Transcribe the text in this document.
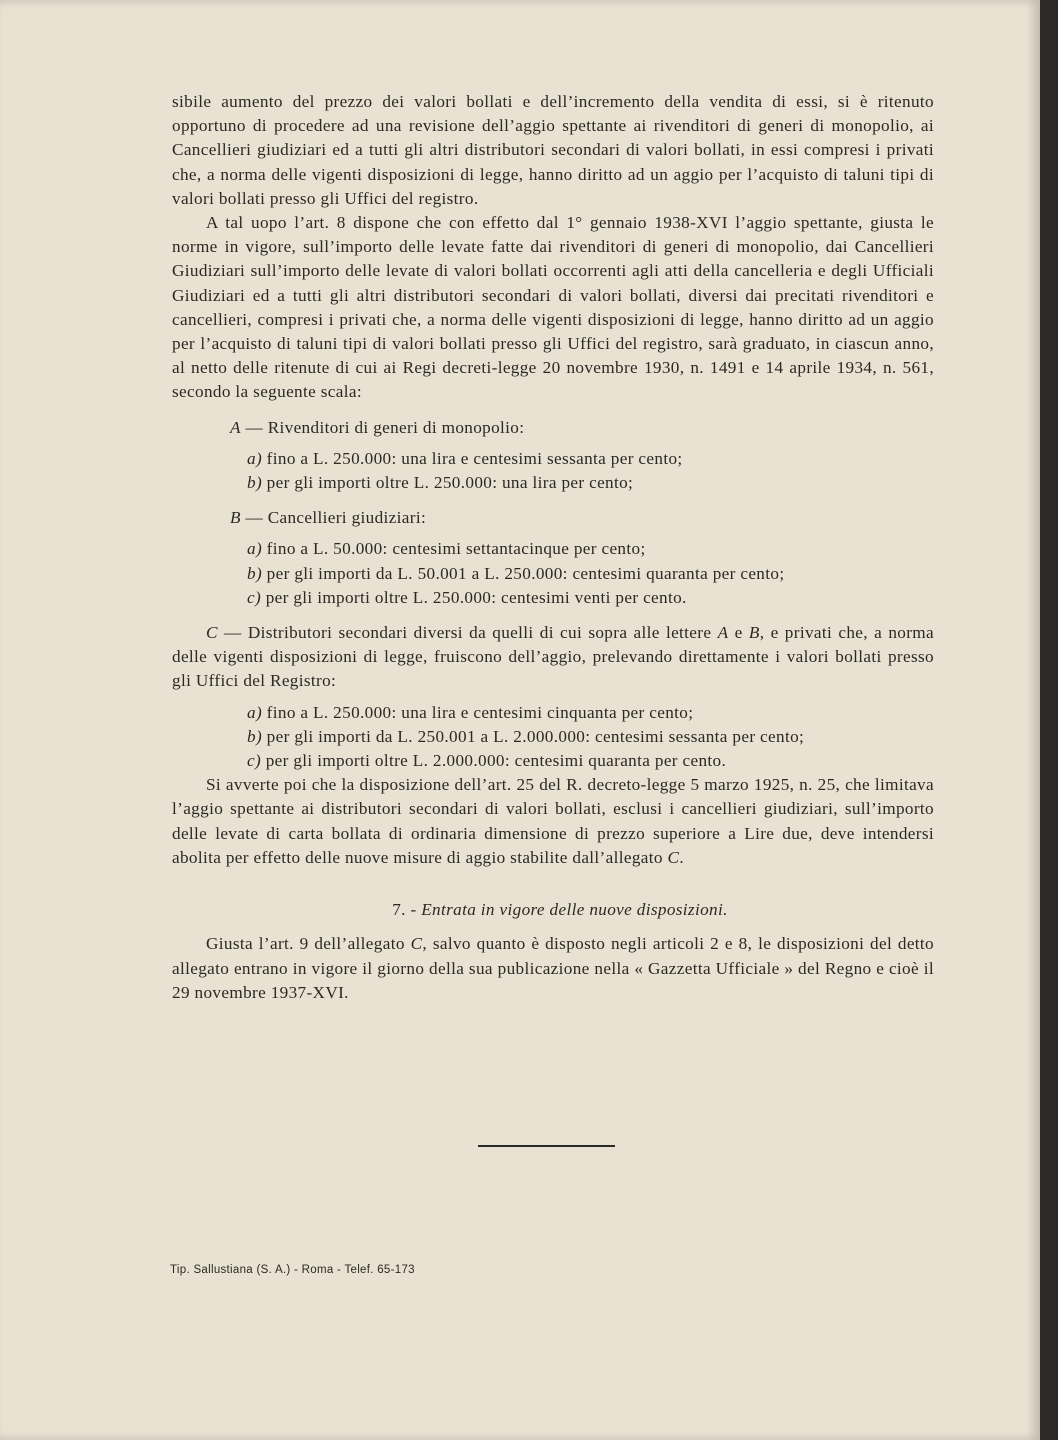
sibile aumento del prezzo dei valori bollati e dell’incremento della vendita di essi, si è ritenuto opportuno di procedere ad una revisione dell’aggio spettante ai rivenditori di generi di monopolio, ai Cancellieri giudiziari ed a tutti gli altri distributori secondari di valori bollati, in essi compresi i privati che, a norma delle vigenti disposizioni di legge, hanno diritto ad un aggio per l’acquisto di taluni tipi di valori bollati presso gli Uffici del registro.

A tal uopo l’art. 8 dispone che con effetto dal 1° gennaio 1938-XVI l’aggio spettante, giusta le norme in vigore, sull’importo delle levate fatte dai rivenditori di generi di monopolio, dai Cancellieri Giudiziari sull’importo delle levate di valori bollati occorrenti agli atti della cancelleria e degli Ufficiali Giudiziari ed a tutti gli altri distributori secondari di valori bollati, diversi dai precitati rivenditori e cancellieri, compresi i privati che, a norma delle vigenti disposizioni di legge, hanno diritto ad un aggio per l’acquisto di taluni tipi di valori bollati presso gli Uffici del registro, sarà graduato, in ciascun anno, al netto delle ritenute di cui ai Regi decreti-legge 20 novembre 1930, n. 1491 e 14 aprile 1934, n. 561, secondo la seguente scala:

A — Rivenditori di generi di monopolio:

a) fino a L. 250.000: una lira e centesimi sessanta per cento;

b) per gli importi oltre L. 250.000: una lira per cento;

B — Cancellieri giudiziari:

a) fino a L. 50.000: centesimi settantacinque per cento;

b) per gli importi da L. 50.001 a L. 250.000: centesimi quaranta per cento;

c) per gli importi oltre L. 250.000: centesimi venti per cento.

C — Distributori secondari diversi da quelli di cui sopra alle lettere A e B, e privati che, a norma delle vigenti disposizioni di legge, fruiscono dell’aggio, prelevando direttamente i valori bollati presso gli Uffici del Registro:

a) fino a L. 250.000: una lira e centesimi cinquanta per cento;

b) per gli importi da L. 250.001 a L. 2.000.000: centesimi sessanta per cento;

c) per gli importi oltre L. 2.000.000: centesimi quaranta per cento.

Si avverte poi che la disposizione dell’art. 25 del R. decreto-legge 5 marzo 1925, n. 25, che limitava l’aggio spettante ai distributori secondari di valori bollati, esclusi i cancellieri giudiziari, sull’importo delle levate di carta bollata di ordinaria dimensione di prezzo superiore a Lire due, deve intendersi abolita per effetto delle nuove misure di aggio stabilite dall’allegato C.

7. - Entrata in vigore delle nuove disposizioni.

Giusta l’art. 9 dell’allegato C, salvo quanto è disposto negli articoli 2 e 8, le disposizioni del detto allegato entrano in vigore il giorno della sua publicazione nella « Gazzetta Ufficiale » del Regno e cioè il 29 novembre 1937-XVI.

Tip. Sallustiana (S. A.) - Roma - Telef. 65-173
